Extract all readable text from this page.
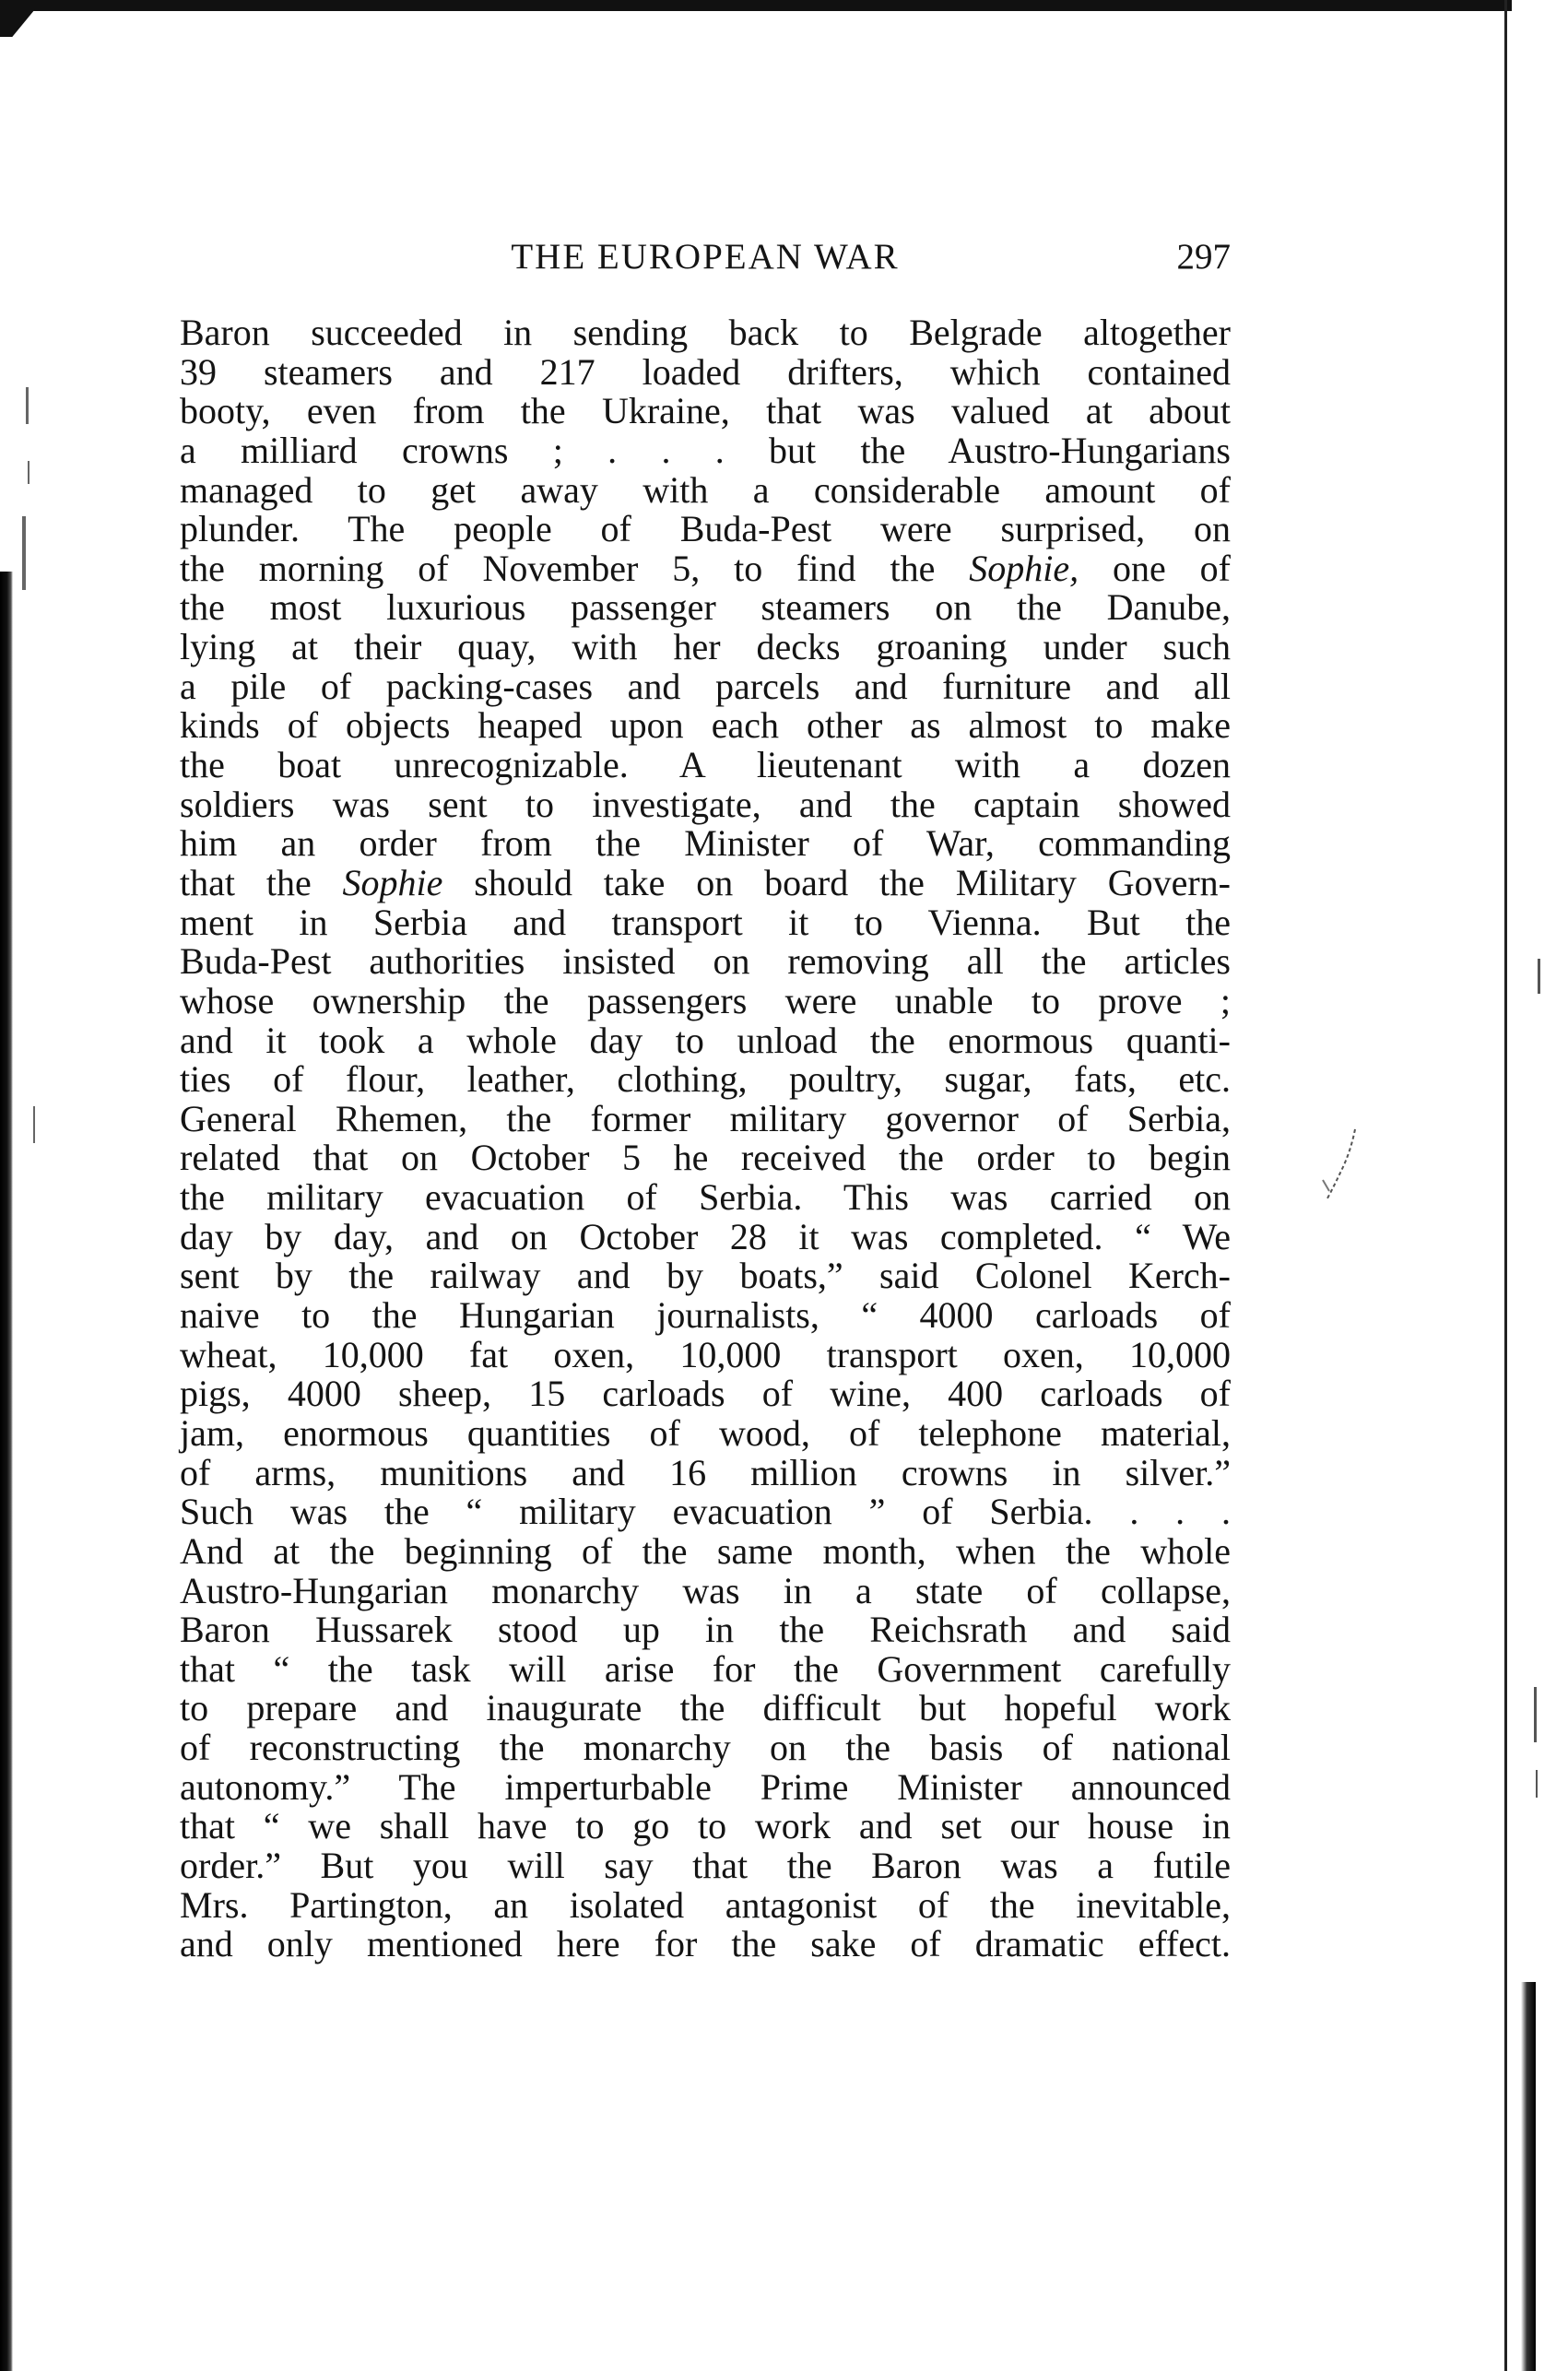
THE EUROPEAN WAR	297
Baron succeeded in sending back to Belgrade altogether
39 steamers and 217 loaded drifters, which contained
booty, even from the Ukraine, that was valued at about
a milliard crowns ; . . . but the Austro-Hungarians
managed to get away with a considerable amount of
plunder. The people of Buda-Pest were surprised, on
the morning of November 5, to find the Sophie, one of
the most luxurious passenger steamers on the Danube,
lying at their quay, with her decks groaning under such
a pile of packing-cases and parcels and furniture and all
kinds of objects heaped upon each other as almost to make
the boat unrecognizable. A lieutenant with a dozen
soldiers was sent to investigate, and the captain showed
him an order from the Minister of War, commanding
that the Sophie should take on board the Military Govern-
ment in Serbia and transport it to Vienna. But the
Buda-Pest authorities insisted on removing all the articles
whose ownership the passengers were unable to prove ;
and it took a whole day to unload the enormous quanti-
ties of flour, leather, clothing, poultry, sugar, fats, etc.
General Rhemen, the former military governor of Serbia,
related that on October 5 he received the order to begin
the military evacuation of Serbia. This was carried on
day by day, and on October 28 it was completed. “ We
sent by the railway and by boats,” said Colonel Kerch-
naive to the Hungarian journalists, “ 4000 carloads of
wheat, 10,000 fat oxen, 10,000 transport oxen, 10,000
pigs, 4000 sheep, 15 carloads of wine, 400 carloads of
jam, enormous quantities of wood, of telephone material,
of arms, munitions and 16 million crowns in silver.”
Such was the “ military evacuation ” of Serbia. . . .
And at the beginning of the same month, when the whole
Austro-Hungarian monarchy was in a state of collapse,
Baron Hussarek stood up in the Reichsrath and said
that “ the task will arise for the Government carefully
to prepare and inaugurate the difficult but hopeful work
of reconstructing the monarchy on the basis of national
autonomy.” The imperturbable Prime Minister announced
that “ we shall have to go to work and set our house in
order.” But you will say that the Baron was a futile
Mrs. Partington, an isolated antagonist of the inevitable,
and only mentioned here for the sake of dramatic effect.
